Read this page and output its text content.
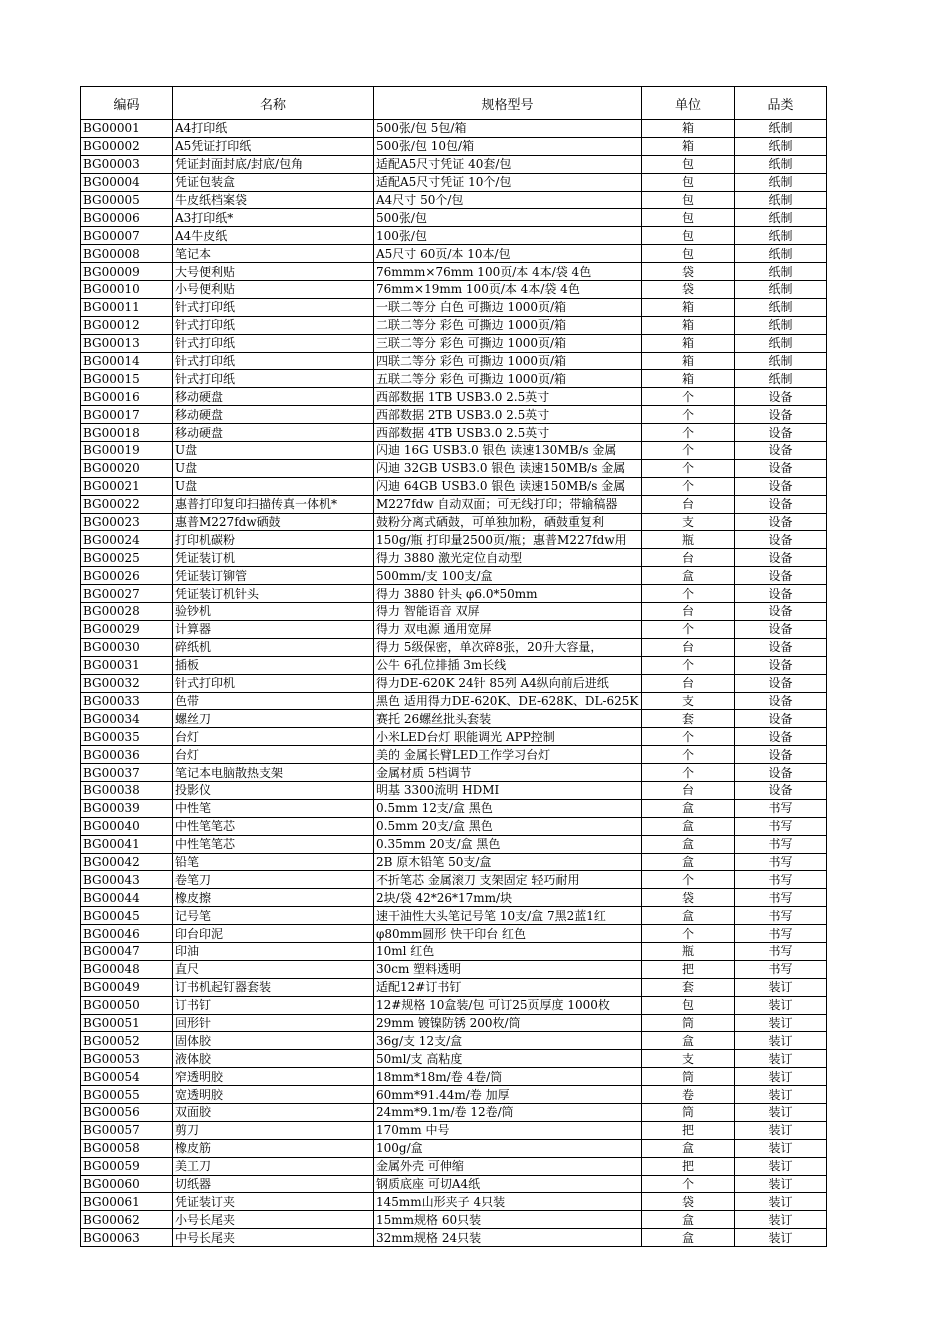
编码	名称	规格型号	单位	品类
BG00001	A4打印纸	500张/包 5包/箱	箱	纸制
BG00002	A5凭证打印纸	500张/包 10包/箱	箱	纸制
BG00003	凭证封面封底/封底/包角	适配A5尺寸凭证 40套/包	包	纸制
BG00004	凭证包装盒	适配A5尺寸凭证 10个/包	包	纸制
BG00005	牛皮纸档案袋	A4尺寸 50个/包	包	纸制
BG00006	A3打印纸*	500张/包	包	纸制
BG00007	A4牛皮纸	100张/包	包	纸制
BG00008	笔记本	A5尺寸 60页/本 10本/包	包	纸制
BG00009	大号便利贴	76mmm×76mm 100页/本 4本/袋 4色	袋	纸制
BG00010	小号便利贴	76mm×19mm 100页/本 4本/袋 4色	袋	纸制
BG00011	针式打印纸	一联二等分 白色 可撕边 1000页/箱	箱	纸制
BG00012	针式打印纸	二联二等分 彩色 可撕边 1000页/箱	箱	纸制
BG00013	针式打印纸	三联二等分 彩色 可撕边 1000页/箱	箱	纸制
BG00014	针式打印纸	四联二等分 彩色 可撕边 1000页/箱	箱	纸制
BG00015	针式打印纸	五联二等分 彩色 可撕边 1000页/箱	箱	纸制
BG00016	移动硬盘	西部数据 1TB USB3.0 2.5英寸	个	设备
BG00017	移动硬盘	西部数据 2TB USB3.0 2.5英寸	个	设备
BG00018	移动硬盘	西部数据 4TB USB3.0 2.5英寸	个	设备
BG00019	U盘	闪迪 16G USB3.0 银色 读速130MB/s 金属	个	设备
BG00020	U盘	闪迪 32GB USB3.0 银色 读速150MB/s 金属	个	设备
BG00021	U盘	闪迪 64GB USB3.0 银色 读速150MB/s 金属	个	设备
BG00022	惠普打印复印扫描传真一体机*	M227fdw 自动双面；可无线打印；带输稿器	台	设备
BG00023	惠普M227fdw硒鼓	鼓粉分离式硒鼓，可单独加粉，硒鼓重复利	支	设备
BG00024	打印机碳粉	150g/瓶 打印量2500页/瓶；惠普M227fdw用	瓶	设备
BG00025	凭证装订机	得力 3880 激光定位自动型	台	设备
BG00026	凭证装订铆管	500mm/支 100支/盒	盒	设备
BG00027	凭证装订机针头	得力 3880 针头 φ6.0*50mm	个	设备
BG00028	验钞机	得力 智能语音 双屏	台	设备
BG00029	计算器	得力 双电源 通用宽屏	个	设备
BG00030	碎纸机	得力 5级保密，单次碎8张，20升大容量，	台	设备
BG00031	插板	公牛 6孔位排插 3m长线	个	设备
BG00032	针式打印机	得力DE-620K 24针 85列 A4纵向前后进纸	台	设备
BG00033	色带	黑色 适用得力DE-620K、DE-628K、DL-625K	支	设备
BG00034	螺丝刀	赛托 26螺丝批头套装	套	设备
BG00035	台灯	小米LED台灯 职能调光 APP控制	个	设备
BG00036	台灯	美的 金属长臂LED工作学习台灯	个	设备
BG00037	笔记本电脑散热支架	金属材质 5档调节	个	设备
BG00038	投影仪	明基 3300流明 HDMI	台	设备
BG00039	中性笔	0.5mm 12支/盒 黑色	盒	书写
BG00040	中性笔笔芯	0.5mm 20支/盒 黑色	盒	书写
BG00041	中性笔笔芯	0.35mm 20支/盒 黑色	盒	书写
BG00042	铅笔	2B 原木铅笔 50支/盒	盒	书写
BG00043	卷笔刀	不折笔芯 金属滚刀 支架固定 轻巧耐用	个	书写
BG00044	橡皮擦	2块/袋 42*26*17mm/块	袋	书写
BG00045	记号笔	速干油性大头笔记号笔 10支/盒 7黑2蓝1红	盒	书写
BG00046	印台印泥	φ80mm圆形 快干印台 红色	个	书写
BG00047	印油	10ml 红色	瓶	书写
BG00048	直尺	30cm 塑料透明	把	书写
BG00049	订书机起钉器套装	适配12#订书钉	套	装订
BG00050	订书钉	12#规格 10盒装/包 可订25页厚度 1000枚	包	装订
BG00051	回形针	29mm 镀镍防锈 200枚/筒	筒	装订
BG00052	固体胶	36g/支 12支/盒	盒	装订
BG00053	液体胶	50ml/支 高粘度	支	装订
BG00054	窄透明胶	18mm*18m/卷 4卷/筒	筒	装订
BG00055	宽透明胶	60mm*91.44m/卷 加厚	卷	装订
BG00056	双面胶	24mm*9.1m/卷 12卷/筒	筒	装订
BG00057	剪刀	170mm 中号	把	装订
BG00058	橡皮筋	100g/盒	盒	装订
BG00059	美工刀	金属外壳 可伸缩	把	装订
BG00060	切纸器	钢质底座 可切A4纸	个	装订
BG00061	凭证装订夹	145mm山形夹子 4只装	袋	装订
BG00062	小号长尾夹	15mm规格 60只装	盒	装订
BG00063	中号长尾夹	32mm规格 24只装	盒	装订
